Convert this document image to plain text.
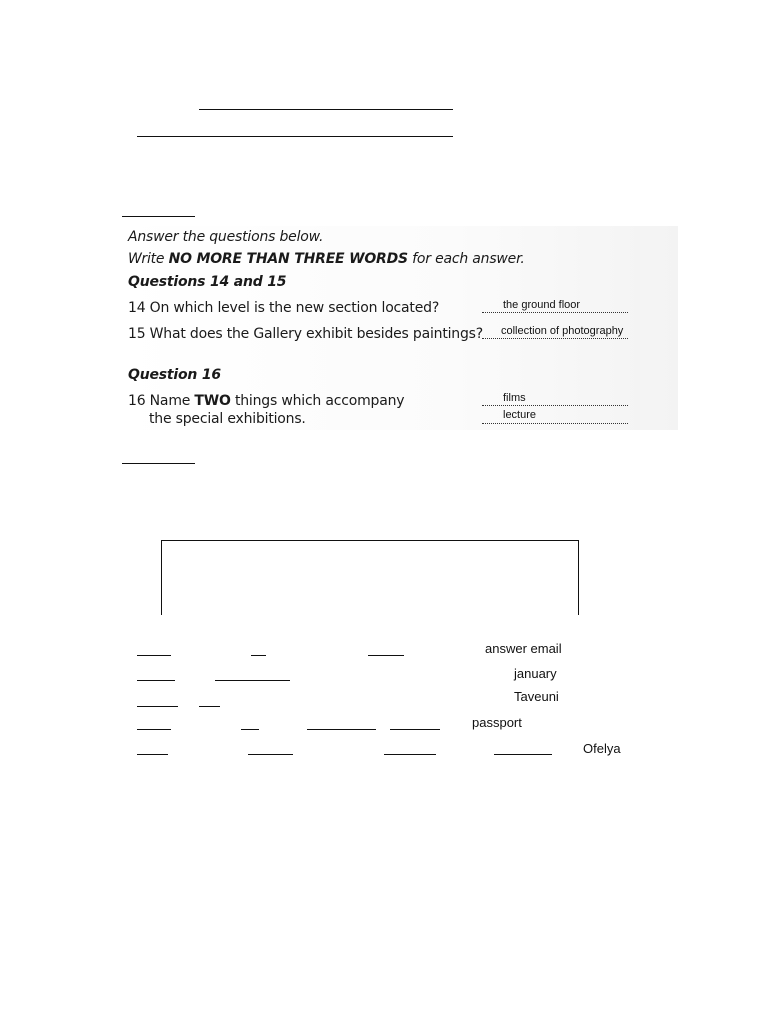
Answer the questions below.
Write NO MORE THAN THREE WORDS for each answer.
Questions 14 and 15
14 On which level is the new section located?	the ground floor
15 What does the Gallery exhibit besides paintings? collection of photography
Question 16
16 Name TWO things which accompany
the special exhibitions.
films
lecture
answer email
january
Taveuni
passport
Ofelya
